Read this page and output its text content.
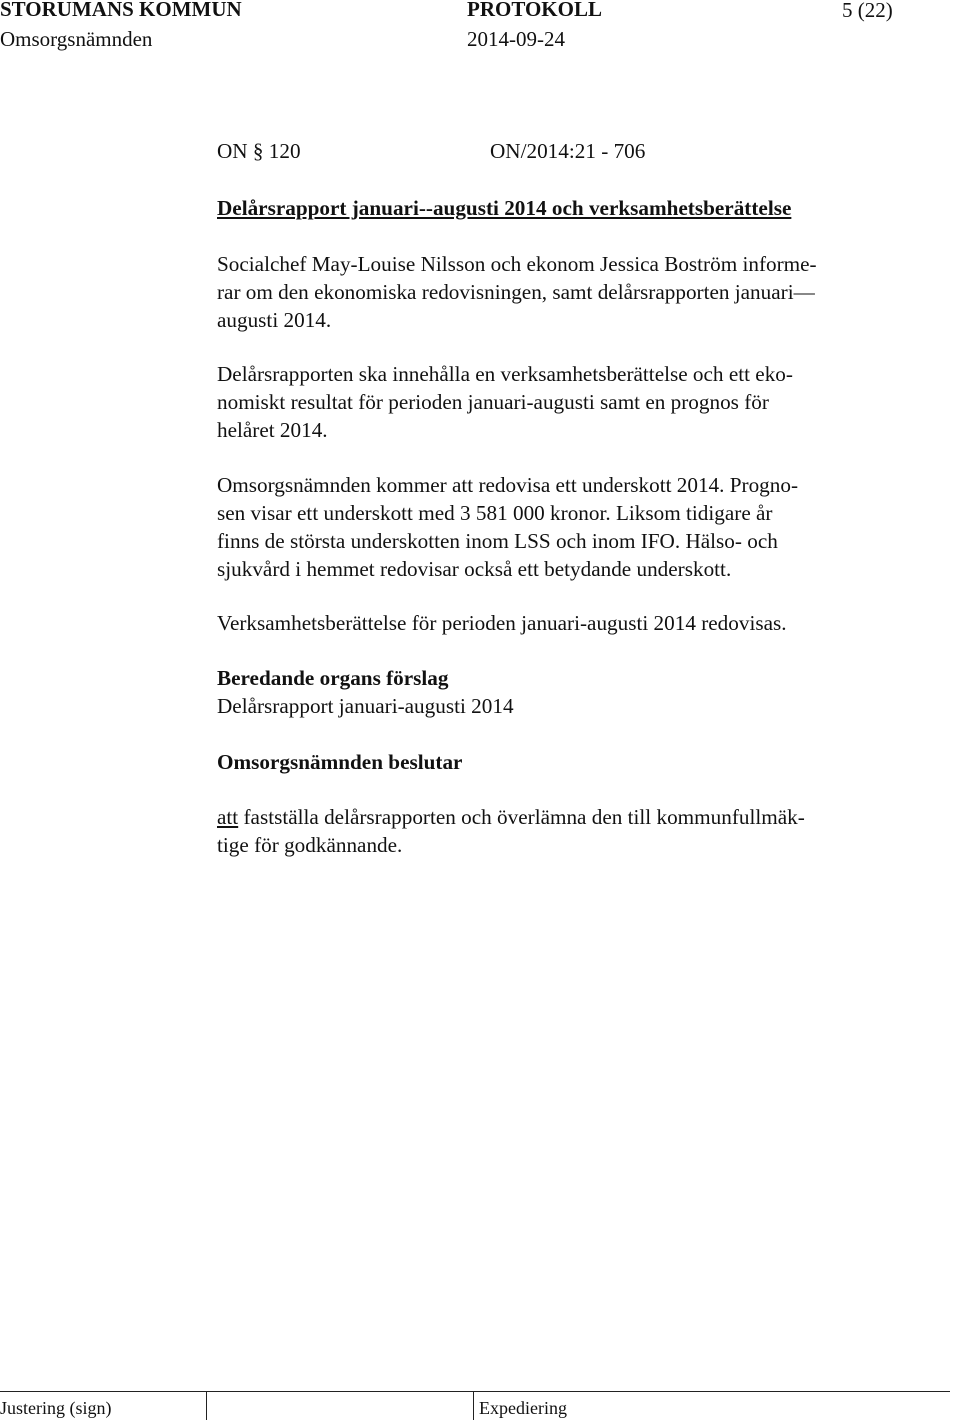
STORUMANS KOMMUN	PROTOKOLL	5 (22)
Omsorgsnämnden	2014-09-24
ON § 120	ON/2014:21 - 706
Delårsrapport januari--augusti 2014 och verksamhetsberättelse

Socialchef May-Louise Nilsson och ekonom Jessica Boström informe-

rar om den ekonomiska redovisningen, samt delårsrapporten januari—

augusti 2014.

Delårsrapporten ska innehålla en verksamhetsberättelse och ett eko-

nomiskt resultat för perioden januari-augusti samt en prognos för

helåret 2014.

Omsorgsnämnden kommer att redovisa ett underskott 2014. Progno-

sen visar ett underskott med 3 581 000 kronor. Liksom tidigare år

finns de största underskotten inom LSS och inom IFO. Hälso- och

sjukvård i hemmet redovisar också ett betydande underskott.

Verksamhetsberättelse för perioden januari-augusti 2014 redovisas.

Beredande organs förslag
Delårsrapport januari-augusti 2014
Omsorgsnämnden beslutar

att fastställa delårsrapporten och överlämna den till kommunfullmäk-

tige för godkännande.

Justering (sign)	Expediering
